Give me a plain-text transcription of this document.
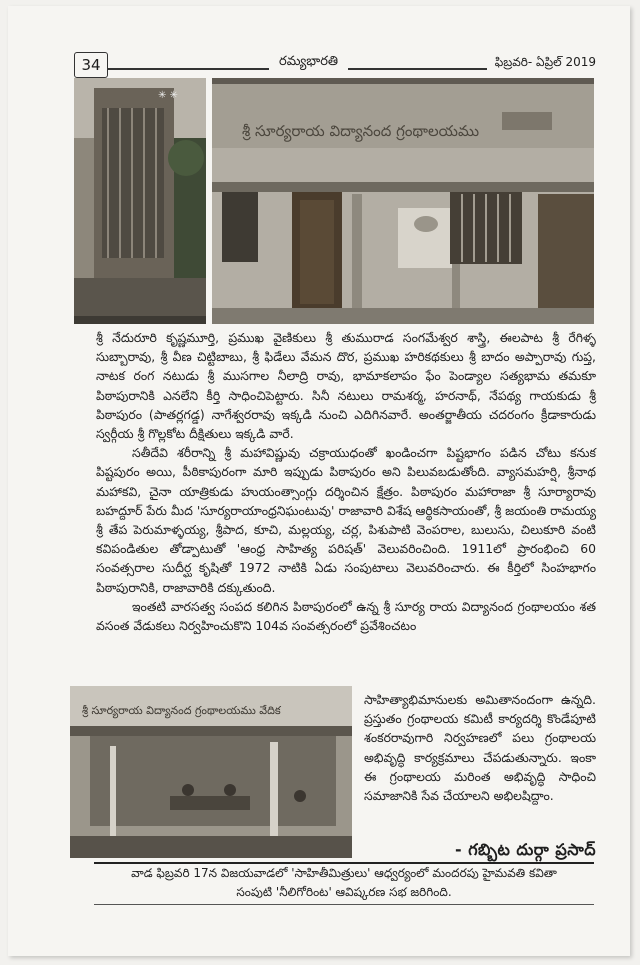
34	రమ్యభారతి	ఫిబ్రవరి- ఏప్రిల్ 2019
✳ ✳
శ్రీ సూర్యరాయ విద్యానంద గ్రంథాలయము

శ్రీ నేదురూరి కృష్ణమూర్తి, ప్రముఖ వైణికులు శ్రీ తుమురాడ సంగమేశ్వర శాస్త్రి, ఈలపాట శ్రీ రేగిళ్ళ సుబ్బారావు, శ్రీ వీణ చిట్టిబాబు, శ్రీ ఫిడేలు వేమన దొర, ప్రముఖ హరికథకులు శ్రీ బాదం అప్పారావు గుప్త, నాటక రంగ నటుడు శ్రీ ముసగాల నీలాద్రి రావు, భామాకలాపం ఫేం పెండ్యాల సత్యభామ తమకూ పిఠాపురానికి ఎనలేని కీర్తి సాధించిపెట్టారు. సినీ నటులు రామశర్మ, హరనాథ్, నేపథ్య గాయకుడు శ్రీ పిఠాపురం (పాతర్లగడ్డ) నాగేశ్వరరావు ఇక్కడి నుంచి ఎదిగినవారే. అంతర్జాతీయ చదరంగం క్రీడాకారుడు స్వర్గీయ శ్రీ గొల్లకోట దీక్షితులు ఇక్కడి వారే.

సతీదేవి శరీరాన్ని శ్రీ మహావిష్ణువు చక్రాయుధంతో ఖండించగా పిష్టభాగం పడిన చోటు కనుక పిష్టపురం అయి, పీఠికాపురంగా మారి ఇప్పుడు పిఠాపురం అని పిలువబడుతోంది. వ్యాసమహర్షి, శ్రీనాథ మహాకవి, చైనా యాత్రికుడు హుయంత్సాంగ్లు దర్శించిన క్షేత్రం. పిఠాపురం మహారాజా శ్రీ సూర్యారావు బహద్దూర్ పేరు మీద 'సూర్యరాయాంధ్రనిఘంటువు' రాజావారి విశేష ఆర్థికసాయంతో, శ్రీ జయంతి రామయ్య శ్రీ తేప పెరుమాళ్ళయ్య, శ్రీపాద, కూచి, మల్లయ్య, చర్ల, పిశుపాటి వెంపరాల, బులుసు, చిలుకూరి వంటి కవిపండితుల తోడ్పాటుతో 'ఆంధ్ర సాహిత్య పరిషత్' వెలువరించింది. 1911లో ప్రారంభించి 60 సంవత్సరాల సుదీర్ఘ కృషితో 1972 నాటికి ఏడు సంపుటాలు వెలువరించారు. ఈ కీర్తిలో సింహభాగం పిఠాపురానికి, రాజావారికి దక్కుతుంది.

ఇంతటి వారసత్వ సంపద కలిగిన పిఠాపురంలో ఉన్న శ్రీ సూర్య రాయ విద్యానంద గ్రంథాలయం శత వసంత వేడుకలు నిర్వహించుకొని 104వ సంవత్సరంలో ప్రవేశించటం

శ్రీ సూర్యరాయ విద్యానంద గ్రంథాలయము వేదిక
సాహిత్యాభిమానులకు అమితానందంగా ఉన్నది. ప్రస్తుతం గ్రంథాలయ కమిటీ కార్యదర్శి కొండేపూటి శంకరరావుగారి నిర్వహణలో పలు గ్రంథాలయ అభివృద్ధి కార్యక్రమాలు చేపడుతున్నారు. ఇంకా ఈ గ్రంథాలయ మరింత అభివృద్ధి సాధించి సమాజానికి సేవ చేయాలని అభిలషిద్దాం.
- గబ్బిట దుర్గా ప్రసాద్
వాడ ఫిబ్రవరి 17న విజయవాడలో 'సాహితీమిత్రులు' ఆధ్వర్యంలో మందరపు హైమవతి కవితా
సంపుటి 'నీలిగోరింట' ఆవిష్కరణ సభ జరిగింది.
